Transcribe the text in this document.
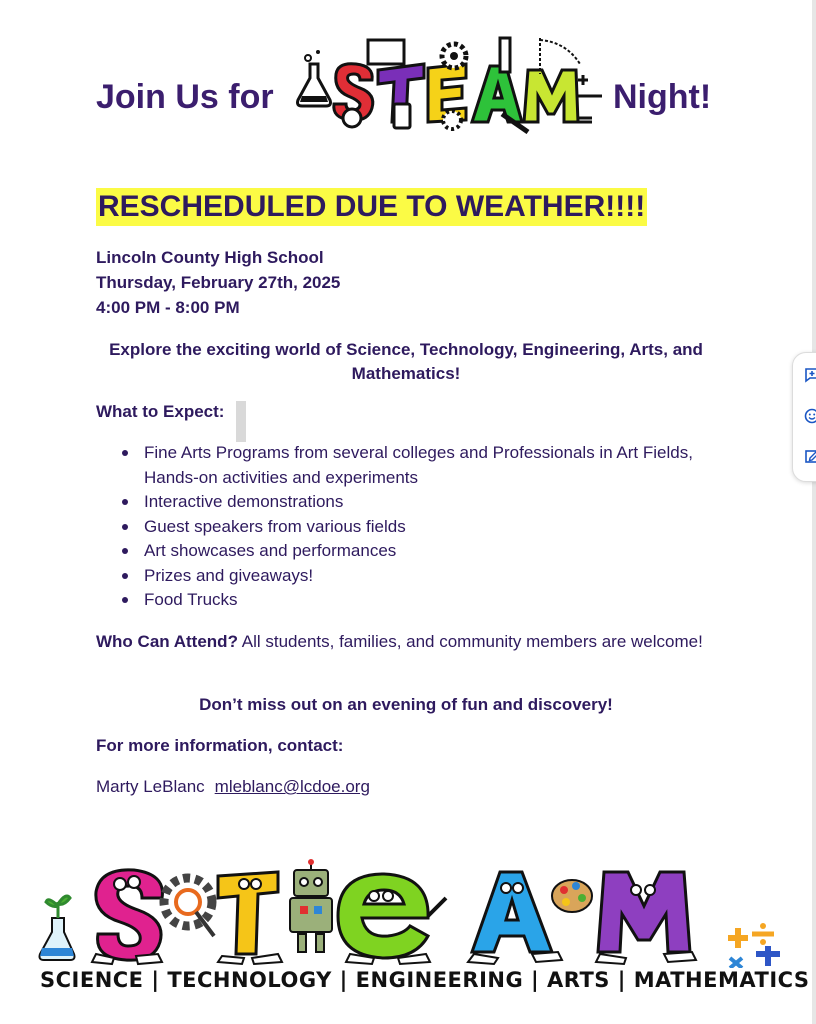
Join Us for	Night!
RESCHEDULED DUE TO WEATHER!!!!
Lincoln County High School
Thursday, February 27th, 2025
4:00 PM - 8:00 PM
Explore the exciting world of Science, Technology, Engineering, Arts, and Mathematics!
What to Expect:
Fine Arts Programs from several colleges and Professionals in Art Fields, Hands-on activities and experiments
Interactive demonstrations
Guest speakers from various fields
Art showcases and performances
Prizes and giveaways!
Food Trucks
Who Can Attend? All students, families, and community members are welcome!
Don’t miss out on an evening of fun and discovery!
For more information, contact:
Marty LeBlanc mleblanc@lcdoe.org
SCIENCE | TECHNOLOGY | ENGINEERING | ARTS | MATHEMATICS
